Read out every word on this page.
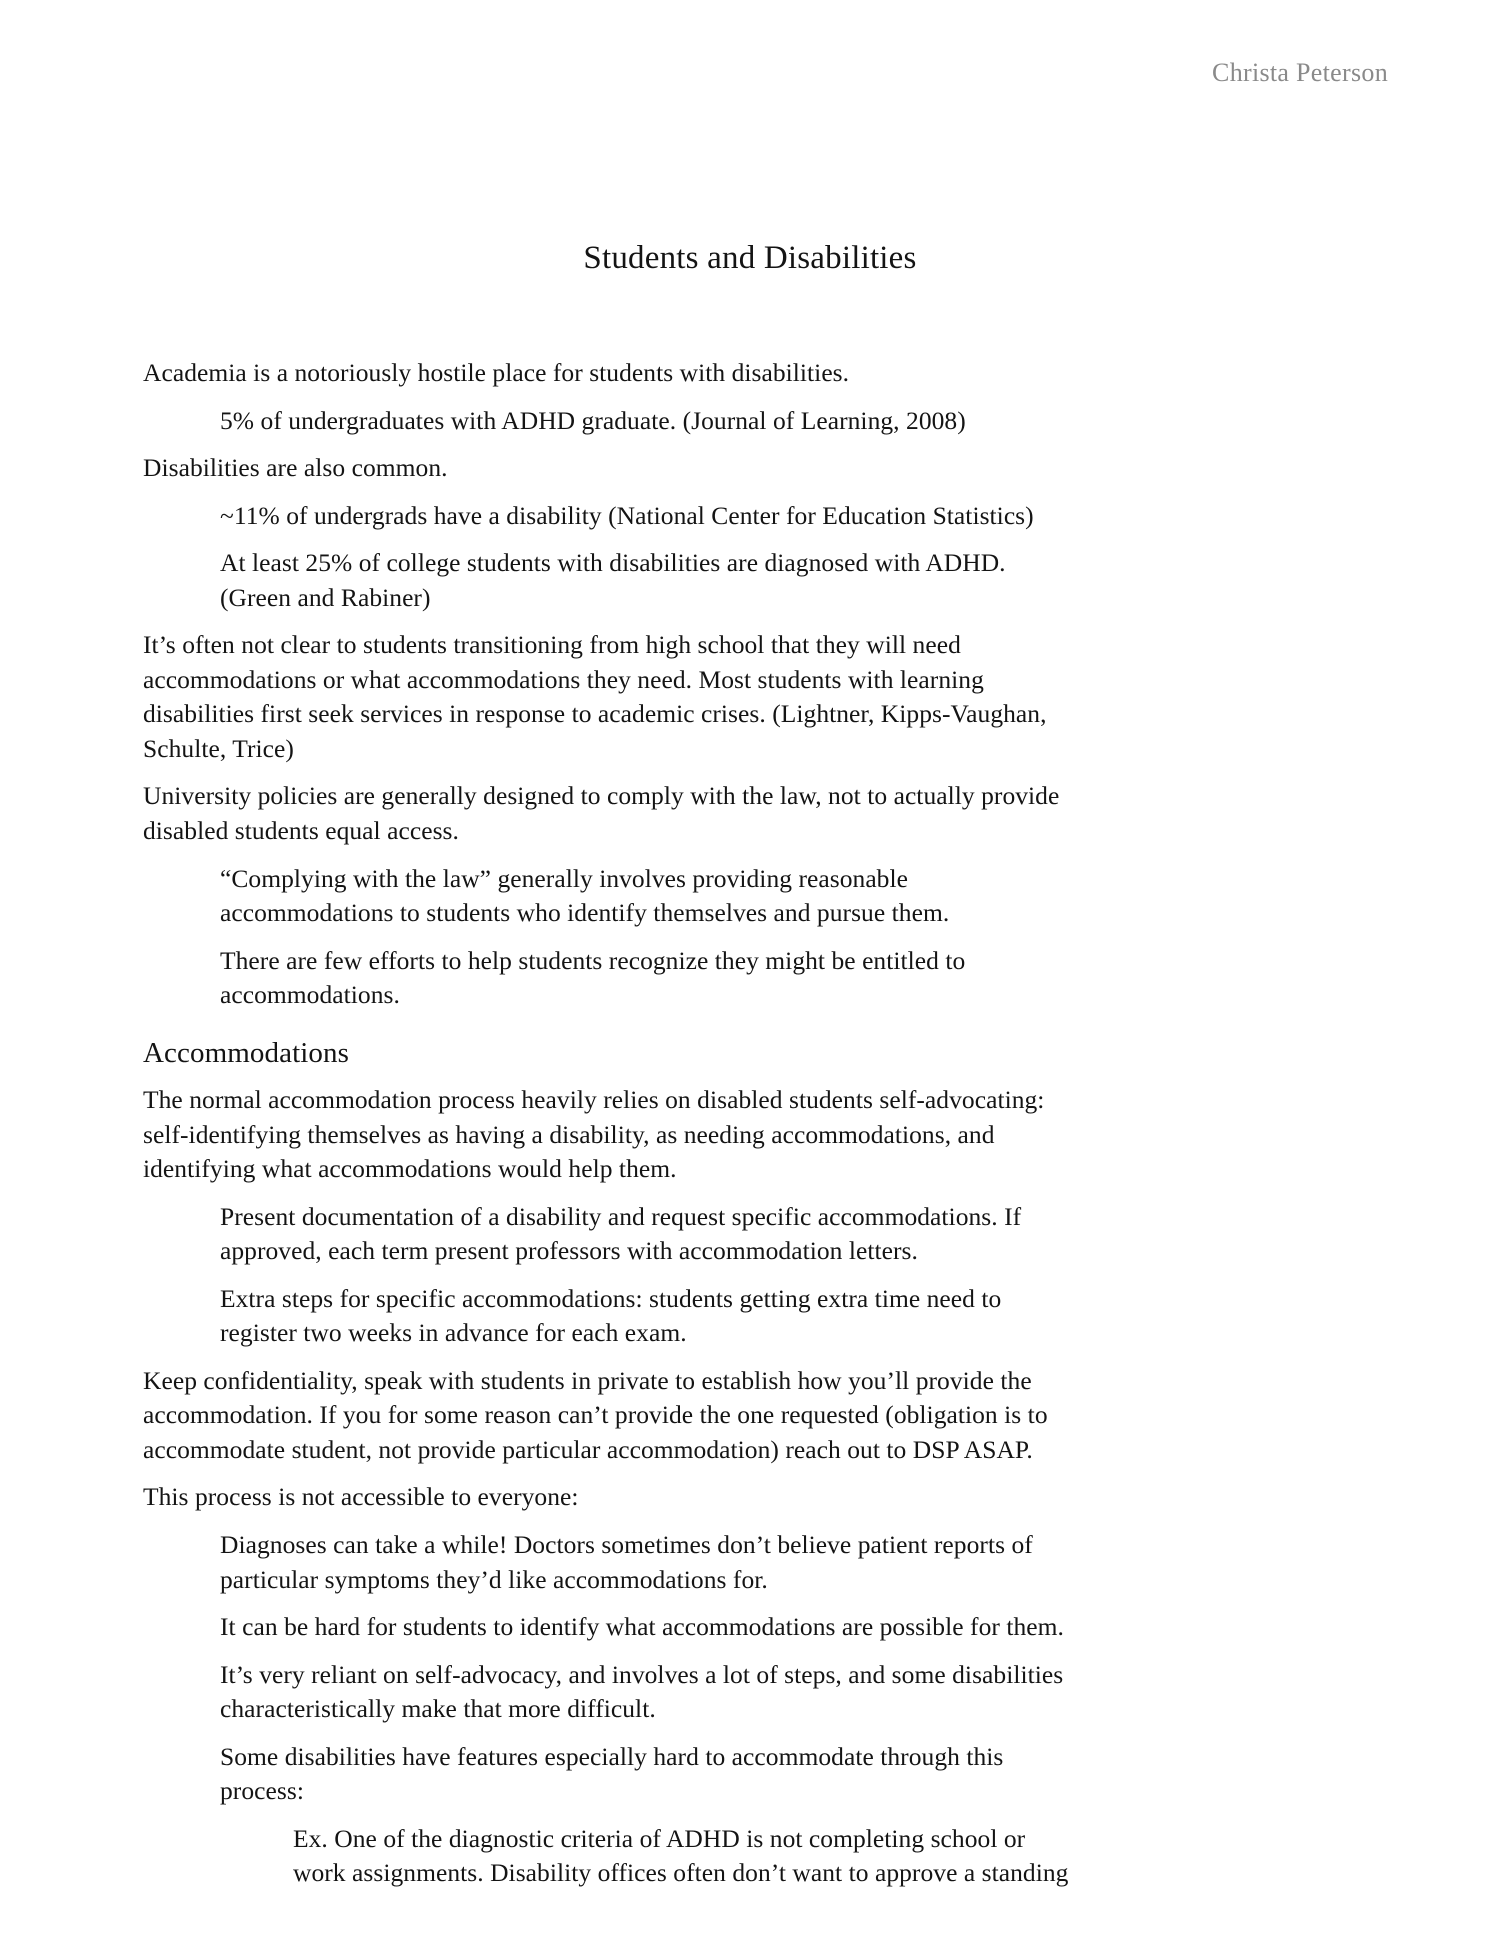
Christa Peterson
Students and Disabilities

Academia is a notoriously hostile place for students with disabilities.

5% of undergraduates with ADHD graduate. (Journal of Learning, 2008)

Disabilities are also common.

~11% of undergrads have a disability (National Center for Education Statistics)

At least 25% of college students with disabilities are diagnosed with ADHD. (Green and Rabiner)

It’s often not clear to students transitioning from high school that they will need accommodations or what accommodations they need. Most students with learning disabilities first seek services in response to academic crises. (Lightner, Kipps-Vaughan, Schulte, Trice)

University policies are generally designed to comply with the law, not to actually provide disabled students equal access.

“Complying with the law” generally involves providing reasonable accommodations to students who identify themselves and pursue them.

There are few efforts to help students recognize they might be entitled to accommodations.

Accommodations

The normal accommodation process heavily relies on disabled students self-advocating: self-identifying themselves as having a disability, as needing accommodations, and identifying what accommodations would help them.

Present documentation of a disability and request specific accommodations. If approved, each term present professors with accommodation letters.

Extra steps for specific accommodations: students getting extra time need to register two weeks in advance for each exam.

Keep confidentiality, speak with students in private to establish how you’ll provide the accommodation. If you for some reason can’t provide the one requested (obligation is to accommodate student, not provide particular accommodation) reach out to DSP ASAP.

This process is not accessible to everyone:

Diagnoses can take a while! Doctors sometimes don’t believe patient reports of particular symptoms they’d like accommodations for.

It can be hard for students to identify what accommodations are possible for them.

It’s very reliant on self-advocacy, and involves a lot of steps, and some disabilities characteristically make that more difficult.

Some disabilities have features especially hard to accommodate through this process:

Ex. One of the diagnostic criteria of ADHD is not completing school or work assignments. Disability offices often don’t want to approve a standing
